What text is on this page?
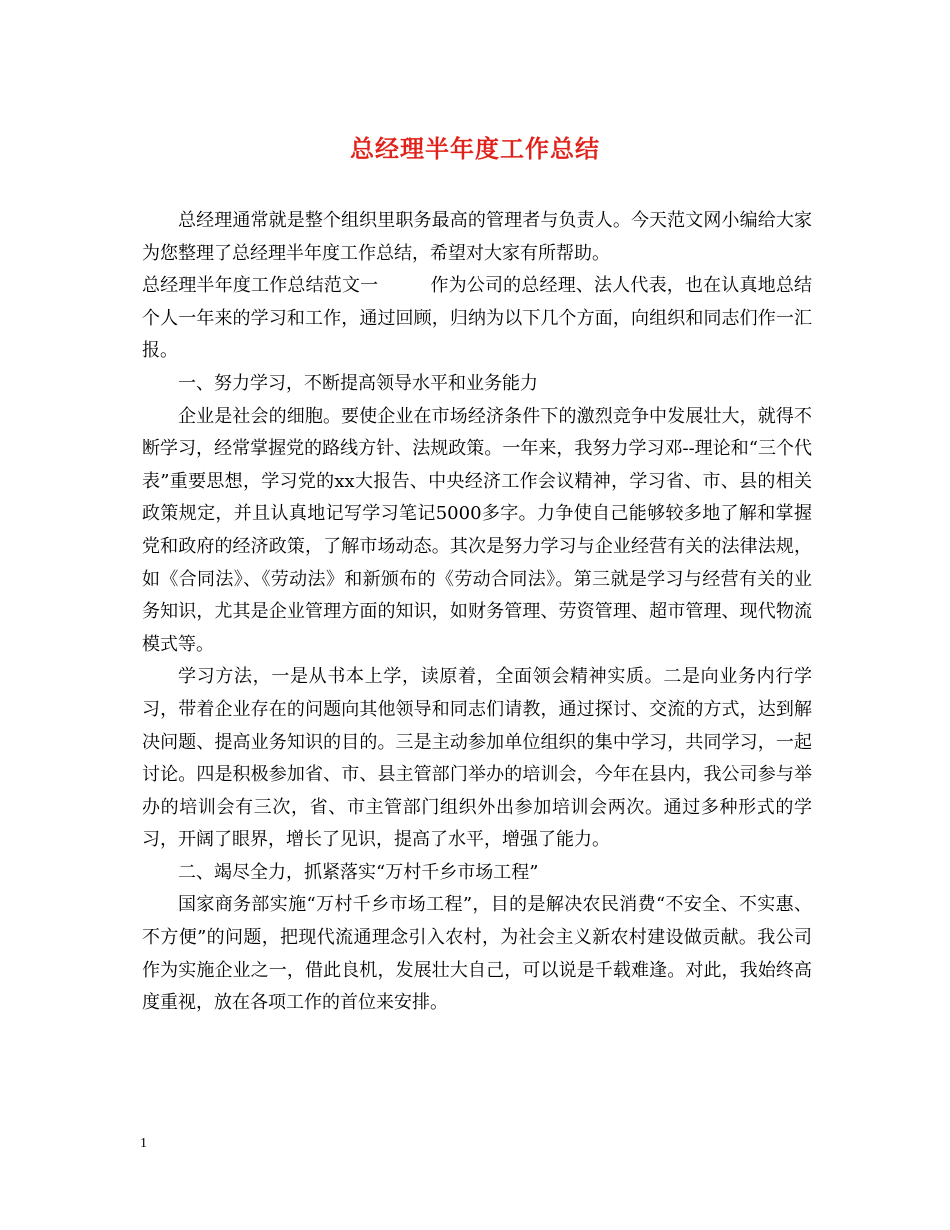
总经理半年度工作总结

总经理通常就是整个组织里职务最高的管理者与负责人。今天范文网小编给大家为您整理了总经理半年度工作总结，希望对大家有所帮助。

总经理半年度工作总结范文一	作为公司的总经理、法人代表，也在认真地总结个人一年来的学习和工作，通过回顾，归纳为以下几个方面，向组织和同志们作一汇报。

一、努力学习，不断提高领导水平和业务能力

企业是社会的细胞。要使企业在市场经济条件下的激烈竞争中发展壮大，就得不断学习，经常掌握党的路线方针、法规政策。一年来，我努力学习邓--理论和“三个代表”重要思想，学习党的xx大报告、中央经济工作会议精神，学习省、市、县的相关政策规定，并且认真地记写学习笔记5000多字。力争使自己能够较多地了解和掌握党和政府的经济政策，了解市场动态。其次是努力学习与企业经营有关的法律法规，如《合同法》、《劳动法》和新颁布的《劳动合同法》。第三就是学习与经营有关的业务知识，尤其是企业管理方面的知识，如财务管理、劳资管理、超市管理、现代物流模式等。

学习方法，一是从书本上学，读原着，全面领会精神实质。二是向业务内行学习，带着企业存在的问题向其他领导和同志们请教，通过探讨、交流的方式，达到解决问题、提高业务知识的目的。三是主动参加单位组织的集中学习，共同学习，一起讨论。四是积极参加省、市、县主管部门举办的培训会，今年在县内，我公司参与举办的培训会有三次，省、市主管部门组织外出参加培训会两次。通过多种形式的学习，开阔了眼界，增长了见识，提高了水平，增强了能力。

二、竭尽全力，抓紧落实“万村千乡市场工程”

国家商务部实施“万村千乡市场工程”，目的是解决农民消费“不安全、不实惠、不方便”的问题，把现代流通理念引入农村，为社会主义新农村建设做贡献。我公司作为实施企业之一，借此良机，发展壮大自己，可以说是千载难逢。对此，我始终高度重视，放在各项工作的首位来安排。

1
